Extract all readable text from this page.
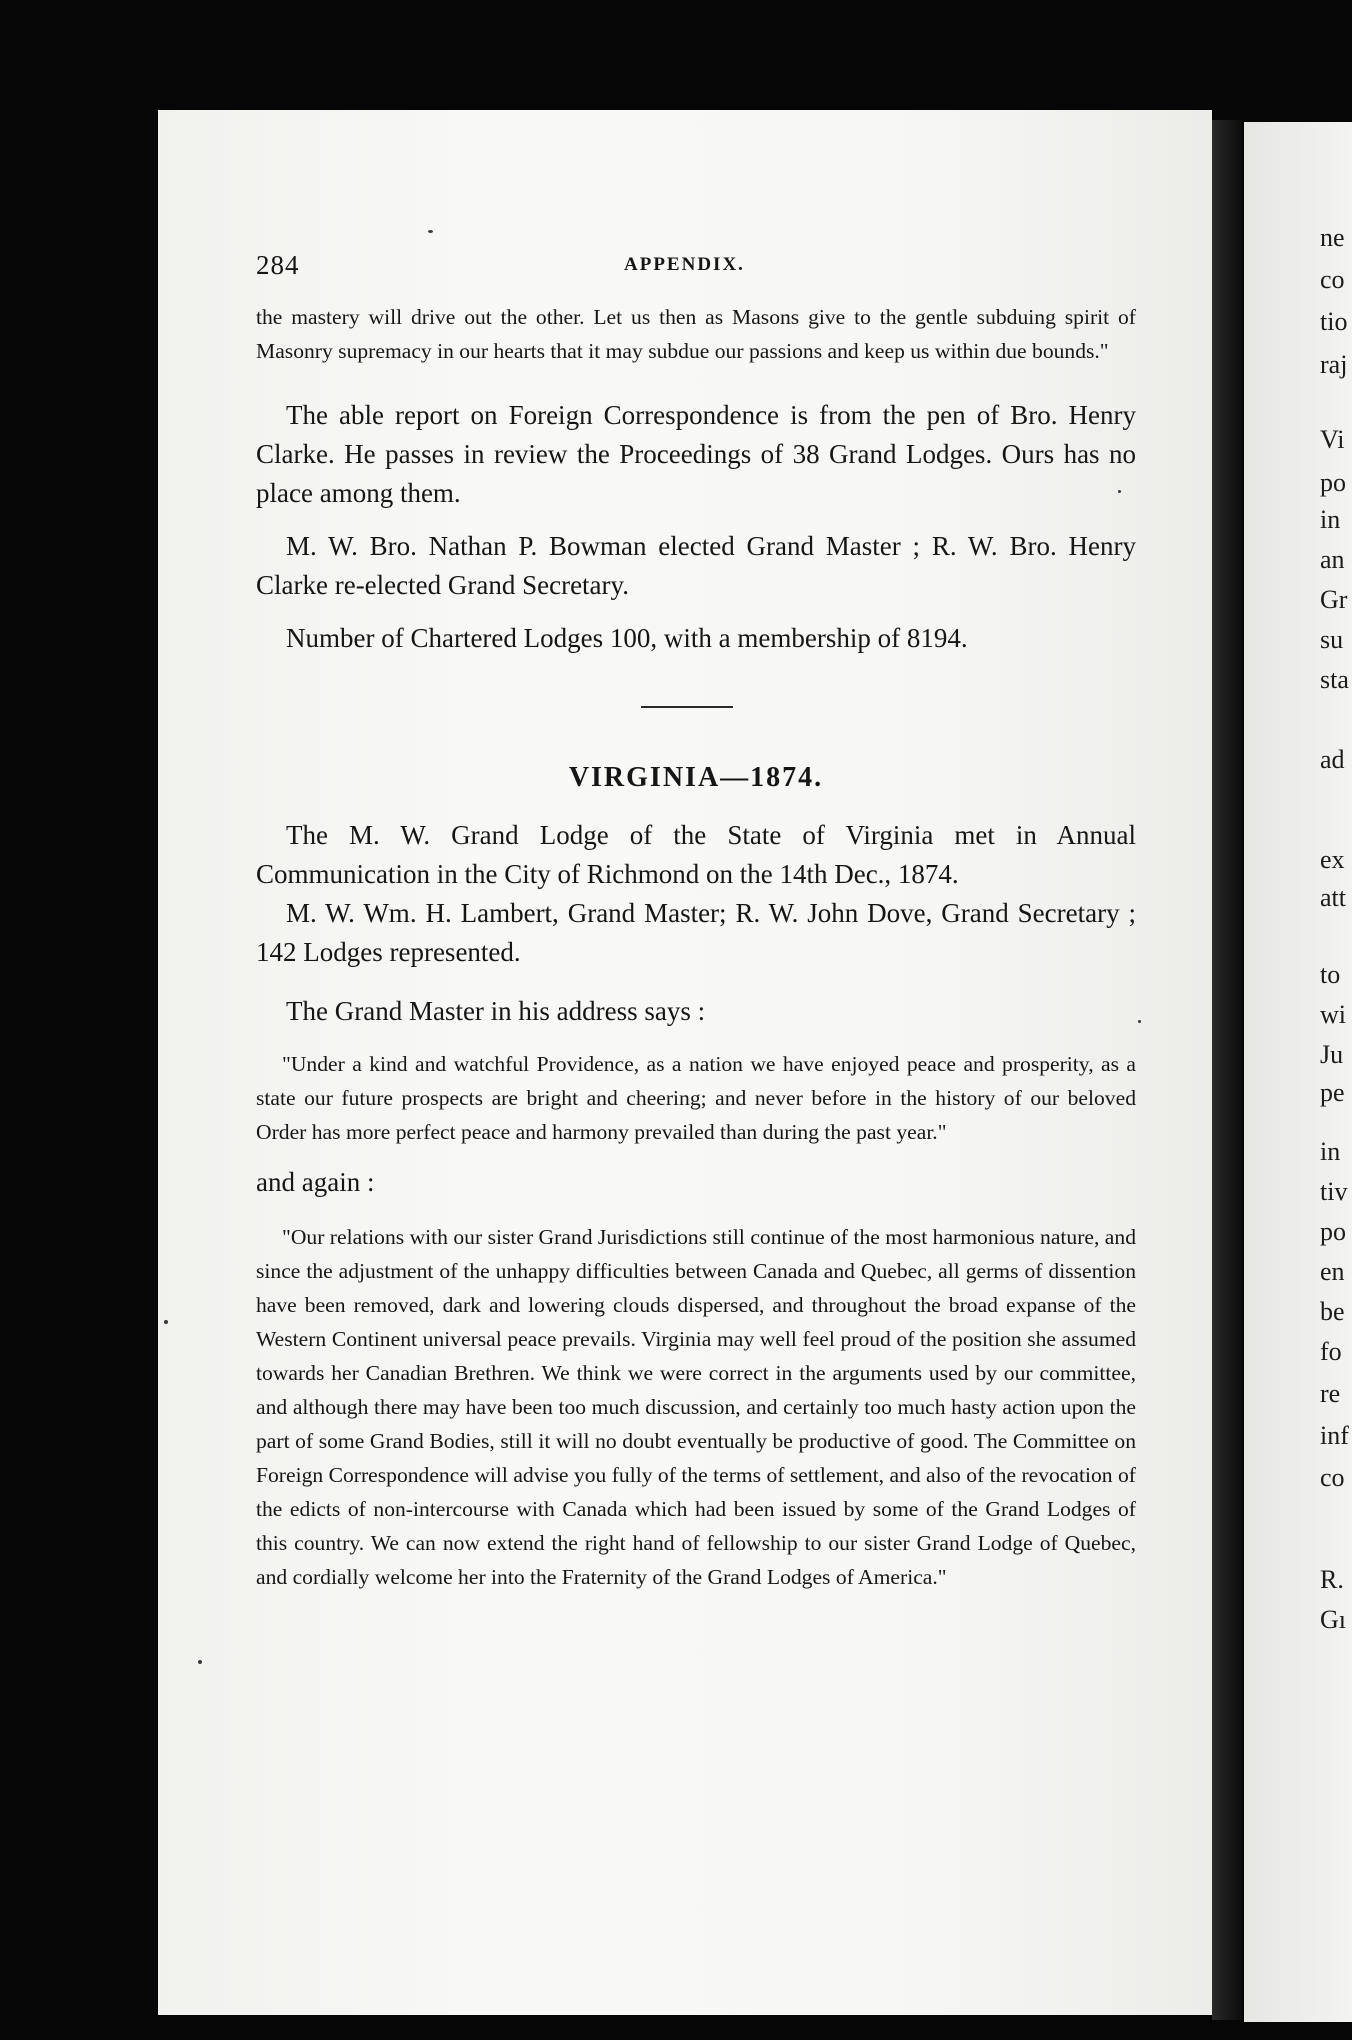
284	APPENDIX.

the mastery will drive out the other. Let us then as Masons give to the gentle subduing spirit of Masonry supremacy in our hearts that it may subdue our passions and keep us within due bounds."

The able report on Foreign Correspondence is from the pen of Bro. Henry Clarke. He passes in review the Proceedings of 38 Grand Lodges. Ours has no place among them.

M. W. Bro. Nathan P. Bowman elected Grand Master ; R. W. Bro. Henry Clarke re-elected Grand Secretary.

Number of Chartered Lodges 100, with a membership of 8194.

VIRGINIA—1874.

The M. W. Grand Lodge of the State of Virginia met in Annual Communication in the City of Richmond on the 14th Dec., 1874.

M. W. Wm. H. Lambert, Grand Master; R. W. John Dove, Grand Secretary ; 142 Lodges represented.

The Grand Master in his address says :

"Under a kind and watchful Providence, as a nation we have enjoyed peace and prosperity, as a state our future prospects are bright and cheering; and never before in the history of our beloved Order has more perfect peace and harmony prevailed than during the past year."

and again :

"Our relations with our sister Grand Jurisdictions still continue of the most harmonious nature, and since the adjustment of the unhappy difficulties between Canada and Quebec, all germs of dissention have been removed, dark and lowering clouds dispersed, and throughout the broad expanse of the Western Continent universal peace prevails. Virginia may well feel proud of the position she assumed towards her Canadian Brethren. We think we were correct in the arguments used by our committee, and although there may have been too much discussion, and certainly too much hasty action upon the part of some Grand Bodies, still it will no doubt eventually be productive of good. The Committee on Foreign Correspondence will advise you fully of the terms of settlement, and also of the revocation of the edicts of non-intercourse with Canada which had been issued by some of the Grand Lodges of this country. We can now extend the right hand of fellowship to our sister Grand Lodge of Quebec, and cordially welcome her into the Fraternity of the Grand Lodges of America."

ne
co
tio
raj
Vi
po
in
an
Gr
su
sta
ad
ex
att
to
wi
Ju
pe
in
tiv
po
en
be
fo
re
inf
co
R.
Gı
